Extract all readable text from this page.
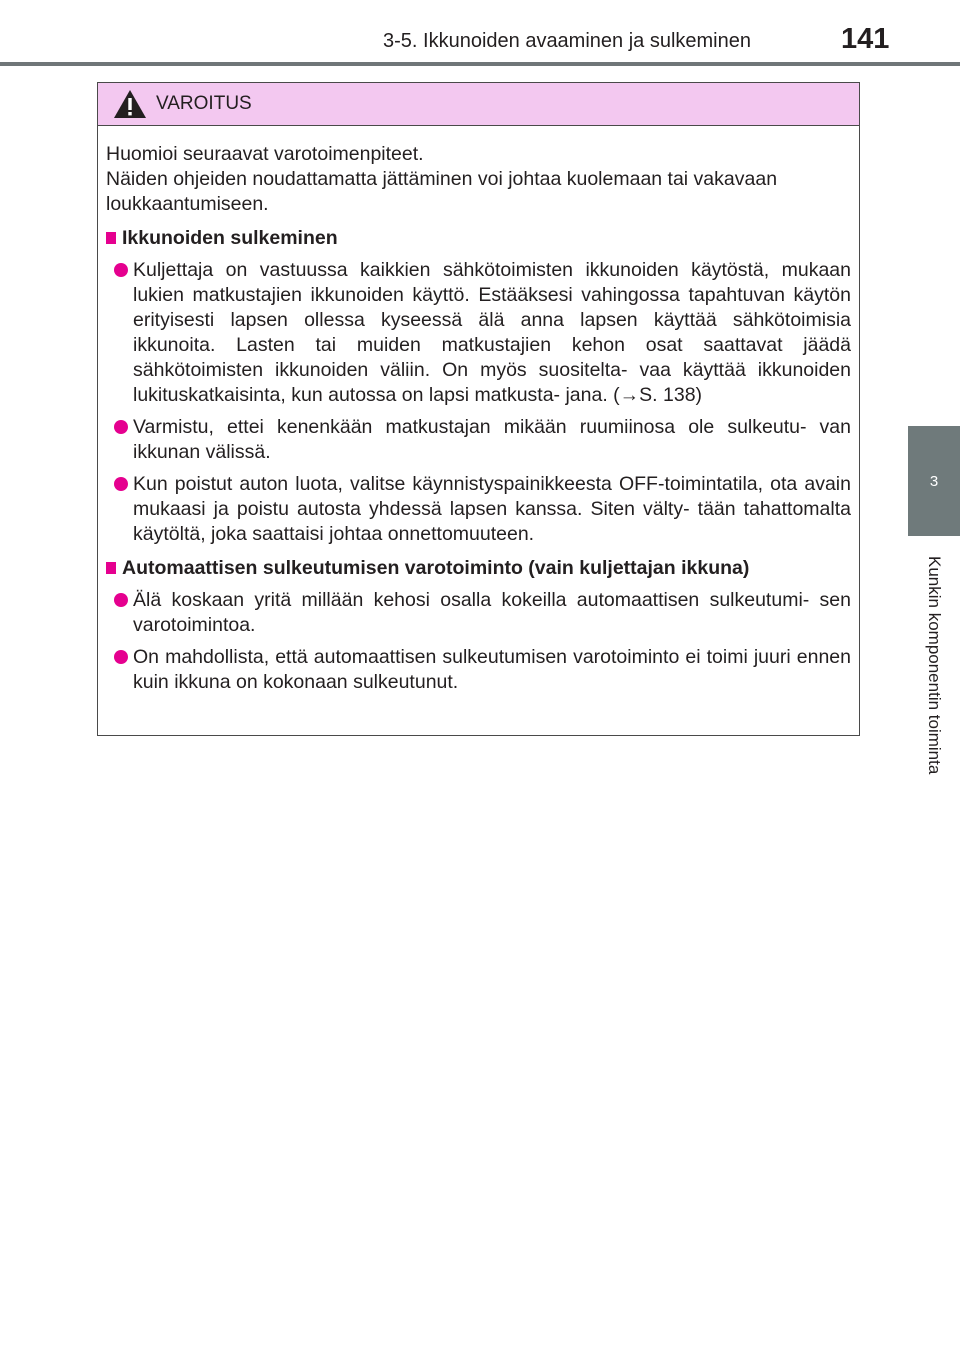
3-5. Ikkunoiden avaaminen ja sulkeminen	141
3
Kunkin komponentin toiminta
VAROITUS

Huomioi seuraavat varotoimenpiteet.

Näiden ohjeiden noudattamatta jättäminen voi johtaa kuolemaan tai vakavaan loukkaantumiseen.

Ikkunoiden sulkeminen
Kuljettaja on vastuussa kaikkien sähkötoimisten ikkunoiden käytöstä, mukaan lukien matkustajien ikkunoiden käyttö. Estääksesi vahingossa tapahtuvan käytön erityisesti lapsen ollessa kyseessä älä anna lapsen käyttää sähkötoimisia ikkunoita. Lasten tai muiden matkustajien kehon osat saattavat jäädä sähkötoimisten ikkunoiden väliin. On myös suositelta- vaa käyttää ikkunoiden lukituskatkaisinta, kun autossa on lapsi matkusta- jana. (→S. 138)
Varmistu, ettei kenenkään matkustajan mikään ruumiinosa ole sulkeutu- van ikkunan välissä.
Kun poistut auton luota, valitse käynnistyspainikkeesta OFF-toimintatila, ota avain mukaasi ja poistu autosta yhdessä lapsen kanssa. Siten välty- tään tahattomalta käytöltä, joka saattaisi johtaa onnettomuuteen.
Automaattisen sulkeutumisen varotoiminto (vain kuljettajan ikkuna)
Älä koskaan yritä millään kehosi osalla kokeilla automaattisen sulkeutumi- sen varotoimintoa.
On mahdollista, että automaattisen sulkeutumisen varotoiminto ei toimi juuri ennen kuin ikkuna on kokonaan sulkeutunut.
